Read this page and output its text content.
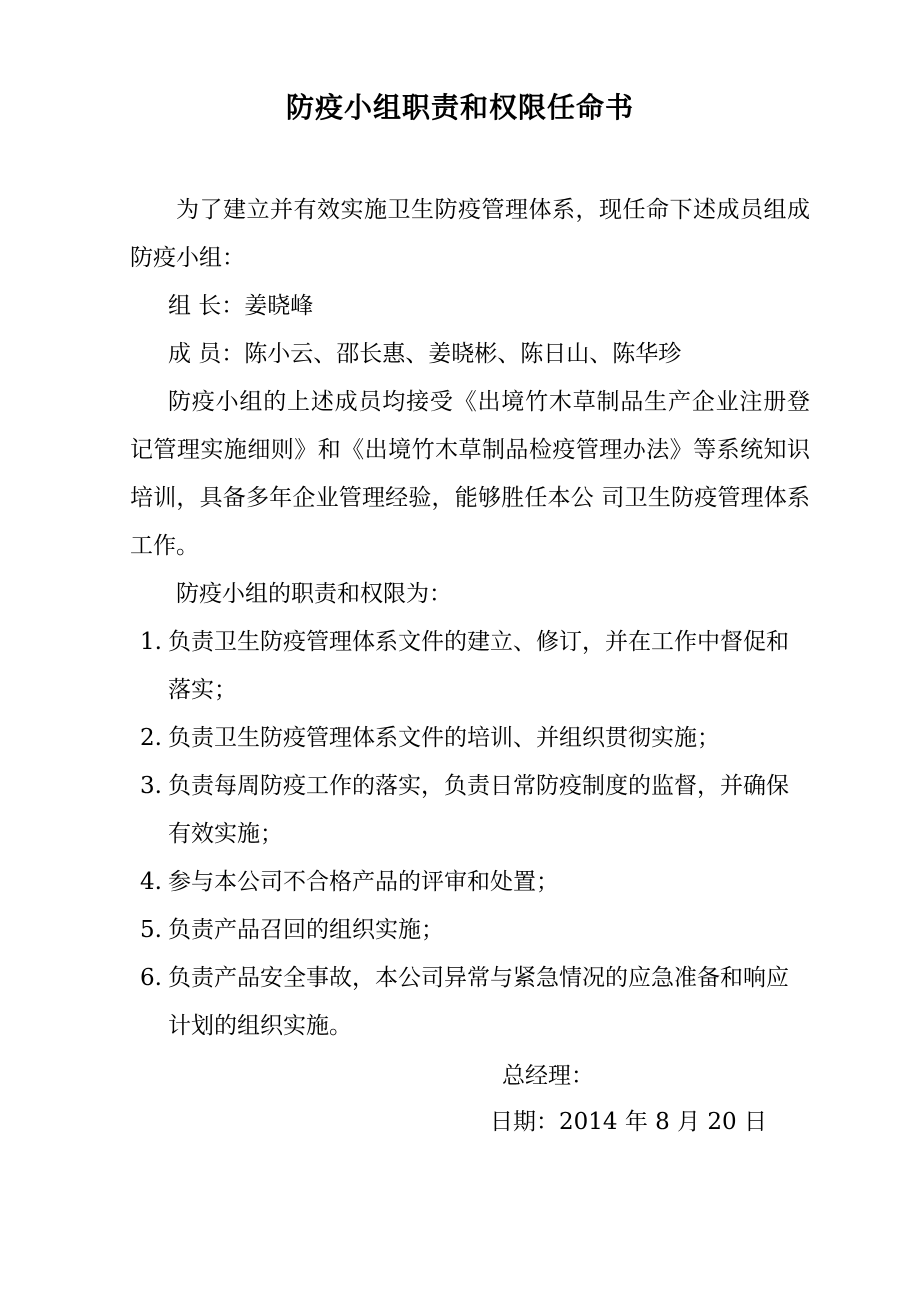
防疫小组职责和权限任命书
为了建立并有效实施卫生防疫管理体系，现任命下述成员组成防疫小组：
组 长：姜晓峰
成 员：陈小云、邵长惠、姜晓彬、陈日山、陈华珍
防疫小组的上述成员均接受《出境竹木草制品生产企业注册登记管理实施细则》和《出境竹木草制品检疫管理办法》等系统知识培训，具备多年企业管理经验，能够胜任本公 司卫生防疫管理体系工作。
防疫小组的职责和权限为：
1. 负责卫生防疫管理体系文件的建立、修订，并在工作中督促和落实；
2. 负责卫生防疫管理体系文件的培训、并组织贯彻实施；
3. 负责每周防疫工作的落实，负责日常防疫制度的监督，并确保有效实施；
4. 参与本公司不合格产品的评审和处置；
5. 负责产品召回的组织实施；
6. 负责产品安全事故，本公司异常与紧急情况的应急准备和响应计划的组织实施。
总经理：
日期：2014 年 8 月 20 日
